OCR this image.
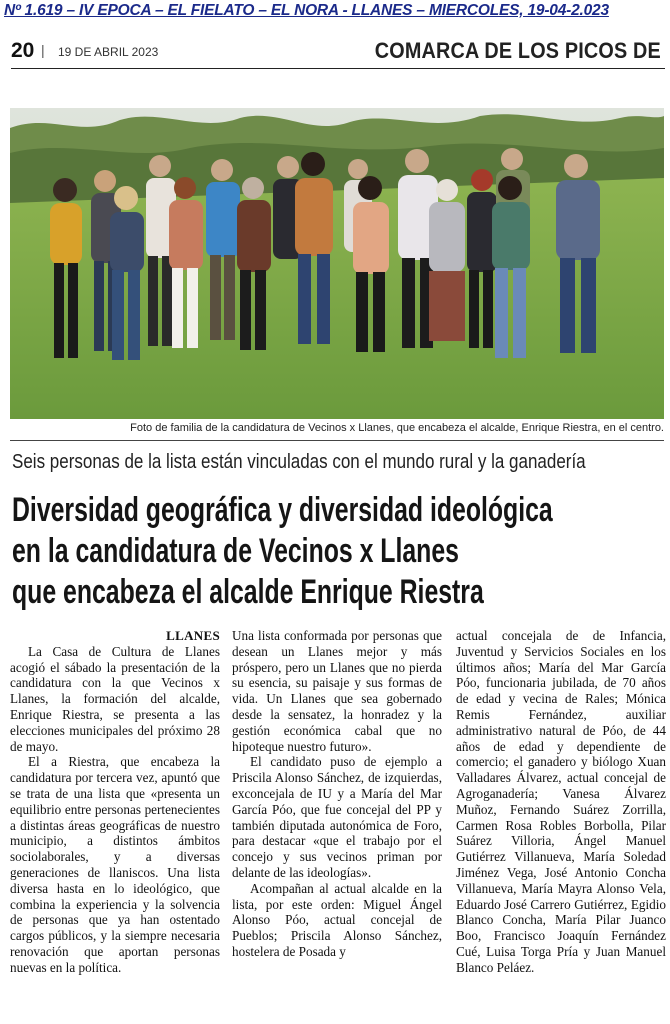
Nº 1.619 – IV EPOCA – EL FIELATO – EL NORA - LLANES – MIERCOLES, 19-04-2.023
20 | 19 DE ABRIL 2023	COMARCA DE LOS PICOS DE
Foto de familia de la candidatura de Vecinos x Llanes, que encabeza el alcalde, Enrique Riestra, en el centro.
Seis personas de la lista están vinculadas con el mundo rural y la ganadería
Diversidad geográfica y diversidad ideológica
en la candidatura de Vecinos x Llanes
que encabeza el alcalde Enrique Riestra
LLANES

La Casa de Cultura de Llanes acogió el sábado la presentación de la candidatura con la que Vecinos x Llanes, la formación del alcalde, Enrique Riestra, se presenta a las elecciones municipales del próximo 28 de mayo.

El a Riestra, que encabeza la candidatura por tercera vez, apuntó que se trata de una lista que «presenta un equilibrio entre personas pertenecientes a distintas áreas geográficas de nuestro municipio, a distintos ámbitos sociolaborales, y a diversas generaciones de llaniscos. Una lista diversa hasta en lo ideológico, que combina la experiencia y la solvencia de personas que ya han ostentado cargos públicos, y la siempre necesaria renovación que aportan personas nuevas en la política.

Una lista conformada por personas que desean un Llanes mejor y más próspero, pero un Llanes que no pierda su esencia, su paisaje y sus formas de vida. Un Llanes que sea gobernado desde la sensatez, la honradez y la gestión económica cabal que no hipoteque nuestro futuro».

El candidato puso de ejemplo a Priscila Alonso Sánchez, de izquierdas, exconcejala de IU y a María del Mar García Póo, que fue concejal del PP y también diputada autonómica de Foro, para destacar «que el trabajo por el concejo y sus vecinos priman por delante de las ideologías».

Acompañan al actual alcalde en la lista, por este orden: Miguel Ángel Alonso Póo, actual concejal de Pueblos; Priscila Alonso Sánchez, hostelera de Posada y

actual concejala de de Infancia, Juventud y Servicios Sociales en los últimos años; María del Mar García Póo, funcionaria jubilada, de 70 años de edad y vecina de Rales; Mónica Remis Fernández, auxiliar administrativo natural de Póo, de 44 años de edad y dependiente de comercio; el ganadero y biólogo Xuan Valladares Álvarez, actual concejal de Agroganadería; Vanesa Álvarez Muñoz, Fernando Suárez Zorrilla, Carmen Rosa Robles Borbolla, Pilar Suárez Villoria, Ángel Manuel Gutiérrez Villanueva, María Soledad Jiménez Vega, José Antonio Concha Villanueva, María Mayra Alonso Vela, Eduardo José Carrero Gutiérrez, Egidio Blanco Concha, María Pilar Juanco Boo, Francisco Joaquín Fernández Cué, Luisa Torga Pría y Juan Manuel Blanco Peláez.
